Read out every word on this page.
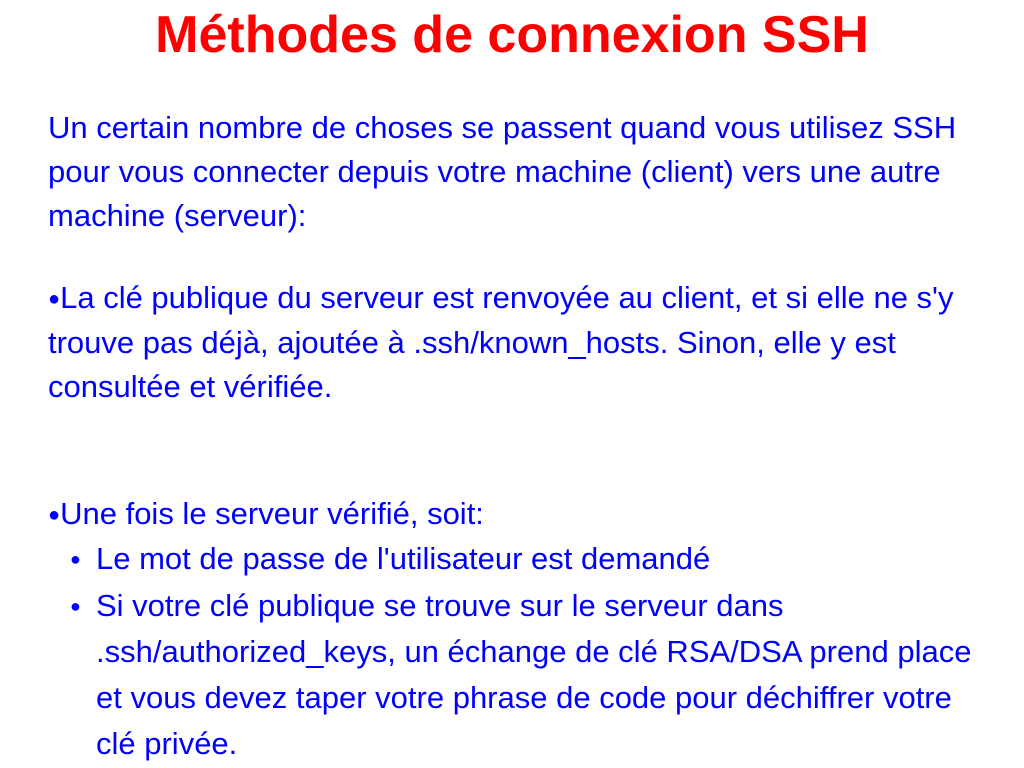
Méthodes de connexion SSH

Un certain nombre de choses se passent quand vous utilisez SSH pour vous connecter depuis votre machine (client) vers une autre machine (serveur):

●La clé publique du serveur est renvoyée au client, et si elle ne s'y trouve pas déjà, ajoutée à .ssh/known_hosts. Sinon, elle y est consultée et vérifiée.

●Une fois le serveur vérifié, soit:

● Le mot de passe de l'utilisateur est demandé
● Si votre clé publique se trouve sur le serveur dans .ssh/authorized_keys, un échange de clé RSA/DSA prend place et vous devez taper votre phrase de code pour déchiffrer votre clé privée.
